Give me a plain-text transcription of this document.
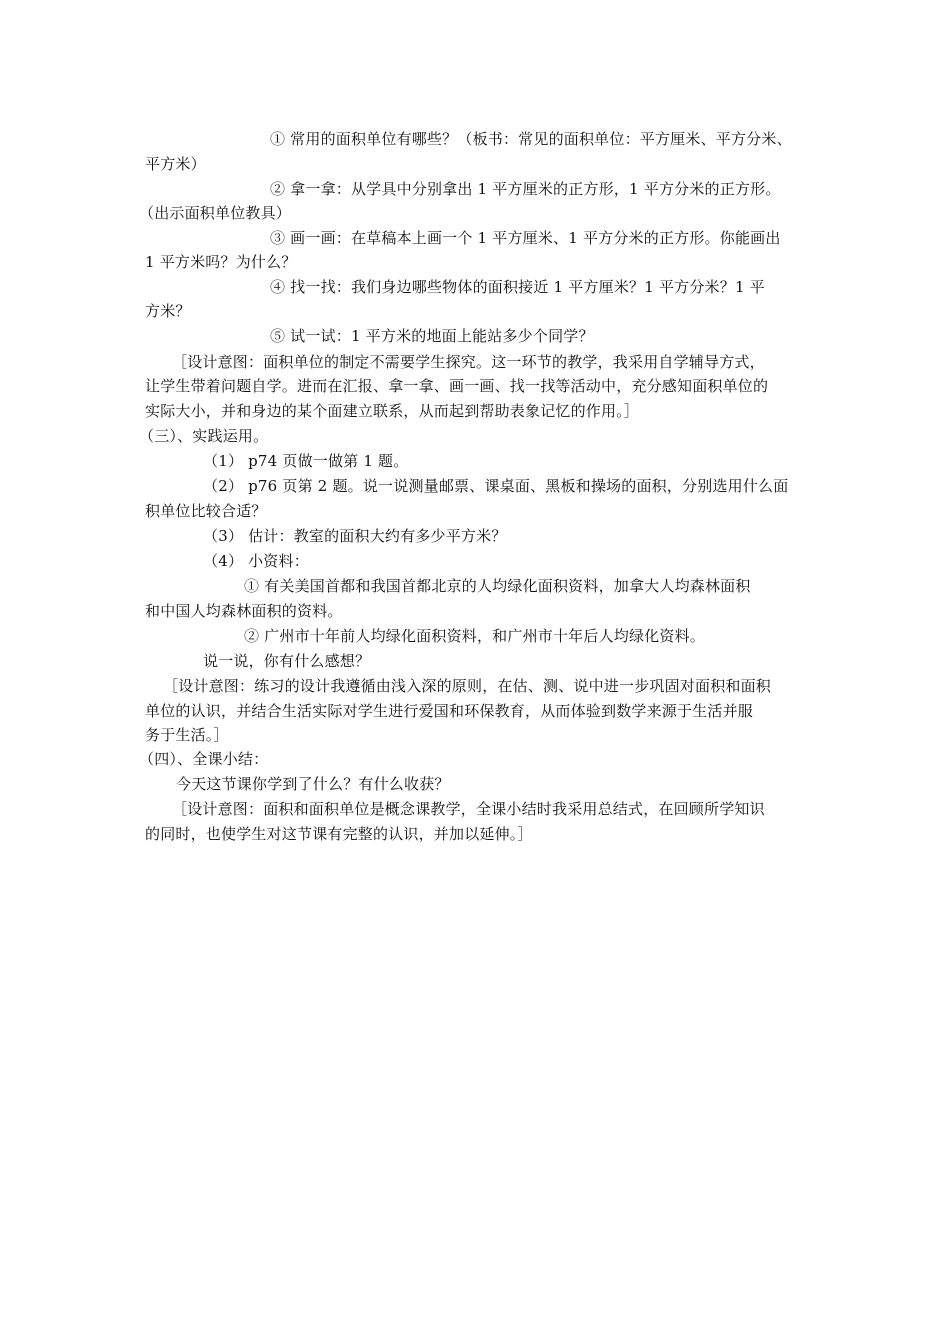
① 常用的面积单位有哪些？（板书：常见的面积单位：平方厘米、平方分米、
平方米）
② 拿一拿：从学具中分别拿出 1 平方厘米的正方形，1 平方分米的正方形。
（出示面积单位教具）
③ 画一画：在草稿本上画一个 1 平方厘米、1 平方分米的正方形。你能画出
1 平方米吗？为什么？
④ 找一找：我们身边哪些物体的面积接近 1 平方厘米？1 平方分米？1 平
方米？
⑤ 试一试：1 平方米的地面上能站多少个同学？
［设计意图：面积单位的制定不需要学生探究。这一环节的教学，我采用自学辅导方式，
让学生带着问题自学。进而在汇报、拿一拿、画一画、找一找等活动中，充分感知面积单位的
实际大小，并和身边的某个面建立联系，从而起到帮助表象记忆的作用。］
（三）、实践运用。
（1） p74 页做一做第 1 题。
（2） p76 页第 2 题。说一说测量邮票、课桌面、黑板和操场的面积，分别选用什么面
积单位比较合适？
（3） 估计：教室的面积大约有多少平方米？
（4） 小资料：
① 有关美国首都和我国首都北京的人均绿化面积资料，加拿大人均森林面积
和中国人均森林面积的资料。
② 广州市十年前人均绿化面积资料，和广州市十年后人均绿化资料。
说一说，你有什么感想？
［设计意图：练习的设计我遵循由浅入深的原则，在估、测、说中进一步巩固对面积和面积
单位的认识，并结合生活实际对学生进行爱国和环保教育，从而体验到数学来源于生活并服
务于生活。］
（四）、全课小结：
今天这节课你学到了什么？有什么收获？
［设计意图：面积和面积单位是概念课教学，全课小结时我采用总结式，在回顾所学知识
的同时，也使学生对这节课有完整的认识，并加以延伸。］
